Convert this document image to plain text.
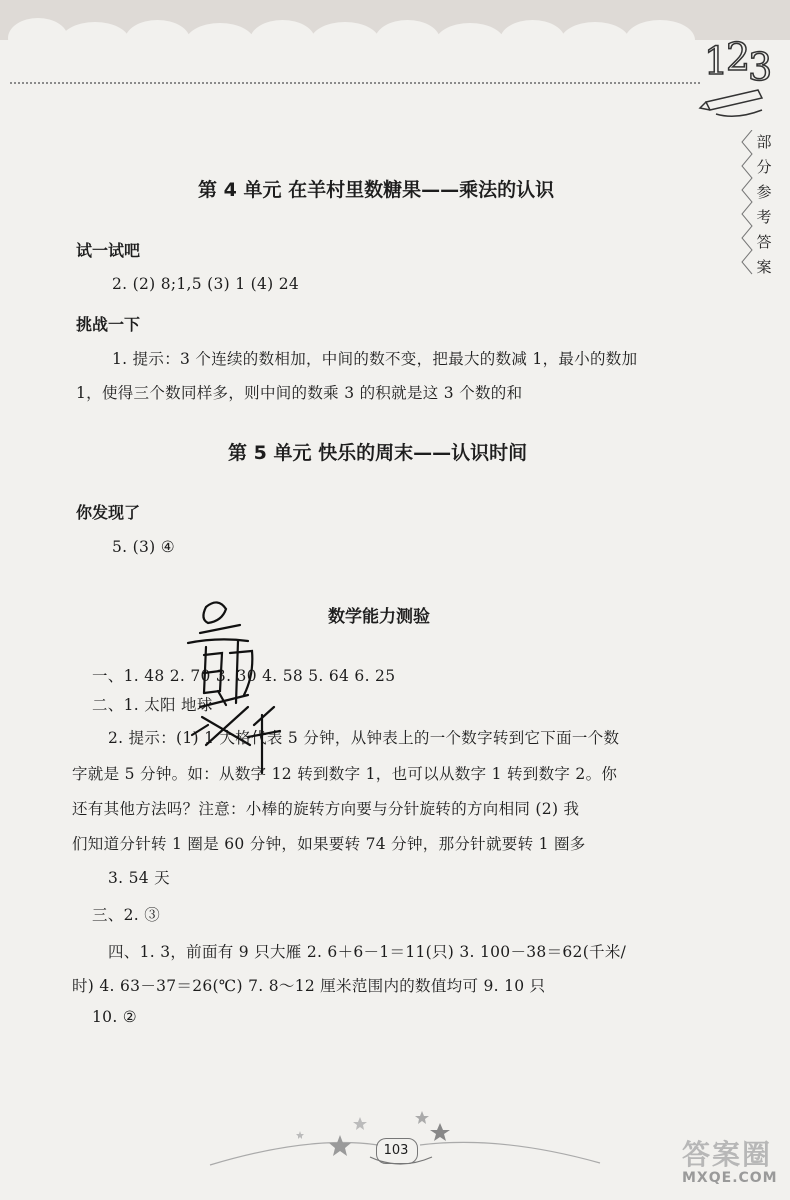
1
2
3
部
分
参
考
答
案
第 4 单元 在羊村里数糖果——乘法的认识
试一试吧
2. (2) 8;1,5 (3) 1 (4) 24
挑战一下
1. 提示：3 个连续的数相加，中间的数不变，把最大的数减 1，最小的数加
1，使得三个数同样多，则中间的数乘 3 的积就是这 3 个数的和
第 5 单元 快乐的周末——认识时间
你发现了
5. (3) ④
数学能力测验
一、1. 48 2. 70 3. 30 4. 58 5. 64 6. 25
二、1. 太阳 地球
2. 提示：(1) 1 大格代表 5 分钟，从钟表上的一个数字转到它下面一个数
字就是 5 分钟。如：从数字 12 转到数字 1，也可以从数字 1 转到数字 2。你
还有其他方法吗？注意：小棒的旋转方向要与分针旋转的方向相同 (2) 我
们知道分针转 1 圈是 60 分钟，如果要转 74 分钟，那分针就要转 1 圈多
3. 54 天
三、2. ③
四、1. 3，前面有 9 只大雁 2. 6＋6－1＝11(只) 3. 100－38＝62(千米/
时) 4. 63－37＝26(℃) 7. 8～12 厘米范围内的数值均可 9. 10 只
10. ②
103	答案圈
MXQE.COM
